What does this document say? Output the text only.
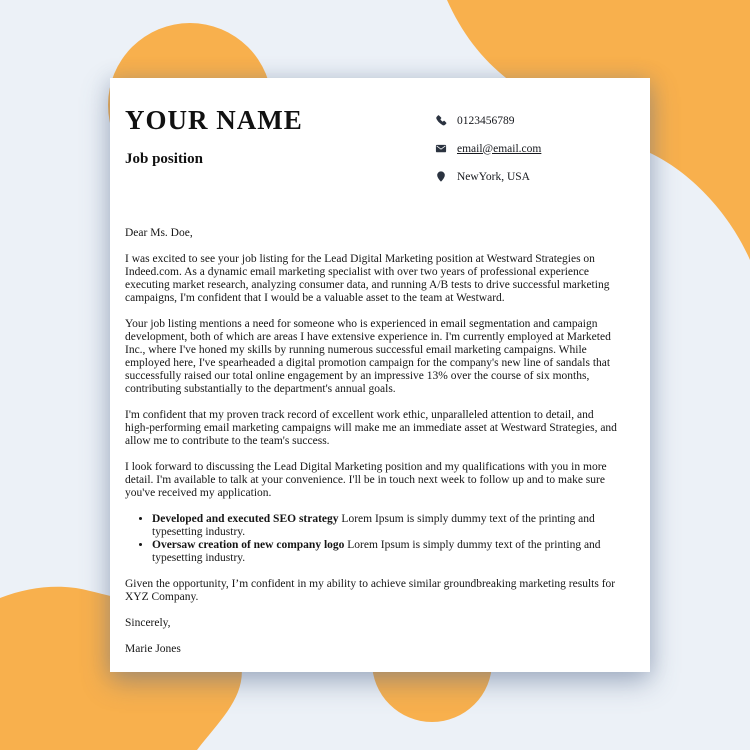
YOUR NAME
Job position
0123456789
email@email.com
NewYork, USA

Dear Ms. Doe,

I was excited to see your job listing for the Lead Digital Marketing position at Westward Strategies on Indeed.com. As a dynamic email marketing specialist with over two years of professional experience executing market research, analyzing consumer data, and running A/B tests to drive successful marketing campaigns, I'm confident that I would be a valuable asset to the team at Westward.

Your job listing mentions a need for someone who is experienced in email segmentation and campaign development, both of which are areas I have extensive experience in. I'm currently employed at Marketed Inc., where I've honed my skills by running numerous successful email marketing campaigns. While employed here, I've spearheaded a digital promotion campaign for the company's new line of sandals that successfully raised our total online engagement by an impressive 13% over the course of six months, contributing substantially to the department's annual goals.

I'm confident that my proven track record of excellent work ethic, unparalleled attention to detail, and high-performing email marketing campaigns will make me an immediate asset at Westward Strategies, and allow me to contribute to the team's success.

I look forward to discussing the Lead Digital Marketing position and my qualifications with you in more detail. I'm available to talk at your convenience. I'll be in touch next week to follow up and to make sure you've received my application.

• Developed and executed SEO strategy Lorem Ipsum is simply dummy text of the printing and typesetting industry.
• Oversaw creation of new company logo Lorem Ipsum is simply dummy text of the printing and typesetting industry.

Given the opportunity, I’m confident in my ability to achieve similar groundbreaking marketing results for XYZ Company.

Sincerely,

Marie Jones
